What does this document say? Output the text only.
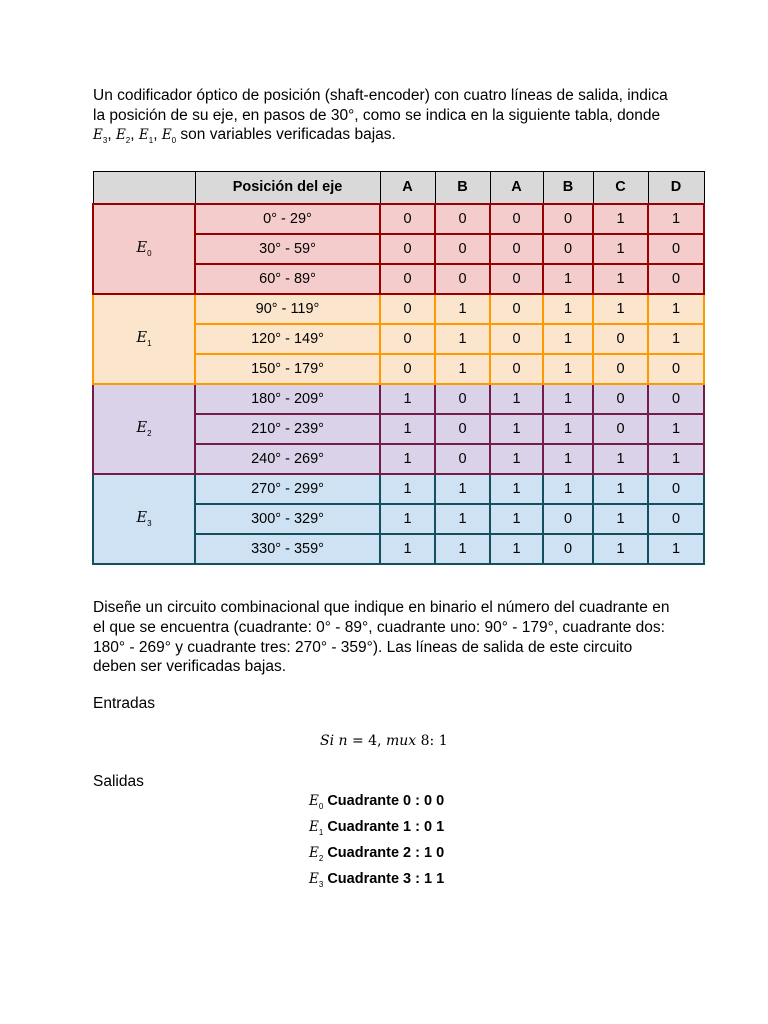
Un codificador óptico de posición (shaft-encoder) con cuatro líneas de salida, indica
la posición de su eje, en pasos de 30°, como se indica en la siguiente tabla, donde
$E_3$, $E_2$, $E_1$, $E_0$ son variables verificadas bajas.
	Posición del eje	A	B	A	B	C	D
$E_0$	0° - 29°	0	0	0	0	1	1
	30° - 59°	0	0	0	0	1	0
	60° - 89°	0	0	0	1	1	0
$E_1$	90° - 119°	0	1	0	1	1	1
	120° - 149°	0	1	0	1	0	1
	150° - 179°	0	1	0	1	0	0
$E_2$	180° - 209°	1	0	1	1	0	0
	210° - 239°	1	0	1	1	0	1
	240° - 269°	1	0	1	1	1	1
$E_3$	270° - 299°	1	1	1	1	1	0
	300° - 329°	1	1	1	0	1	0
	330° - 359°	1	1	1	0	1	1
Diseñe un circuito combinacional que indique en binario el número del cuadrante en
el que se encuentra (cuadrante: 0° - 89°, cuadrante uno: 90° - 179°, cuadrante dos:
180° - 269° y cuadrante tres: 270° - 359°). Las líneas de salida de este circuito
deben ser verificadas bajas.
Entradas
Si n = 4, mux 8: 1
Salidas
$E_0$ Cuadrante 0 : 0 0
$E_1$ Cuadrante 1 : 0 1
$E_2$ Cuadrante 2 : 1 0
$E_3$ Cuadrante 3 : 1 1
